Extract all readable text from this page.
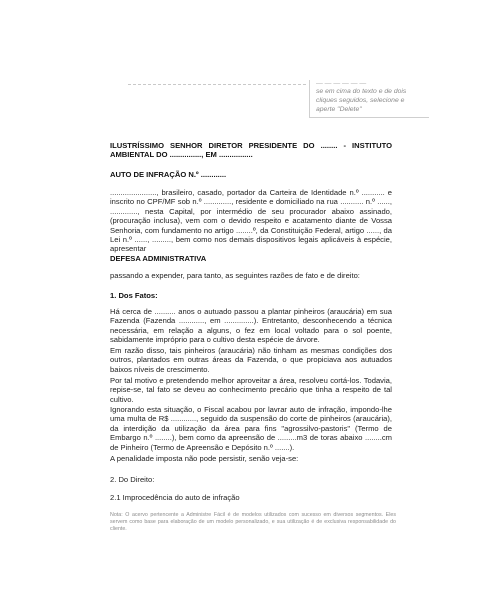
— — — — — —
se em cima do texto e de dois
cliques seguidos, selecione e
aperte "Delete"
ILUSTRÍSSIMO SENHOR DIRETOR PRESIDENTE DO ........ - INSTITUTO AMBIENTAL DO ..............., EM ................
AUTO DE INFRAÇÃO N.º ............
......................, brasileiro, casado, portador da Carteira de Identidade n.º ........... e inscrito no CPF/MF sob n.º ............., residente e domiciliado na rua ........... n.º ......, ............., nesta Capital, por intermédio de seu procurador abaixo assinado, (procuração inclusa), vem com o devido respeito e acatamento diante de Vossa Senhoria, com fundamento no artigo ........º, da Constituição Federal, artigo ......, da Lei n.º ......, ........., bem como nos demais dispositivos legais aplicáveis à espécie, apresentar
DEFESA ADMINISTRATIVA
passando a expender, para tanto, as seguintes razões de fato e de direito:
1. Dos Fatos:
Há cerca de .......... anos o autuado passou a plantar pinheiros (araucária) em sua Fazenda (Fazenda ............, em ..............). Entretanto, desconhecendo a técnica necessária, em relação a alguns, o fez em local voltado para o sol poente, sabidamente impróprio para o cultivo desta espécie de árvore.
Em razão disso, tais pinheiros (araucária) não tinham as mesmas condições dos outros, plantados em outras áreas da Fazenda, o que propiciava aos autuados baixos níveis de crescimento.
Por tal motivo e pretendendo melhor aproveitar a área, resolveu cortá-los. Todavia, repise-se, tal fato se deveu ao conhecimento precário que tinha a respeito de tal cultivo.
Ignorando esta situação, o Fiscal acabou por lavrar auto de infração, impondo-lhe uma multa de R$ ............, seguido da suspensão do corte de pinheiros (araucária), da interdição da utilização da área para fins "agrossilvo-pastoris" (Termo de Embargo n.º ........), bem como da apreensão de .........m3 de toras abaixo ........cm de Pinheiro (Termo de Apreensão e Depósito n.º .......).
A penalidade imposta não pode persistir, senão veja-se:
2. Do Direito:
2.1 Improcedência do auto de infração
Nota: O acervo pertencente a Administre Fácil é de modelos utilizados com sucesso em diversos segmentos. Eles servem como base para elaboração de um modelo personalizado, e sua utilização é de exclusiva responsabilidade do cliente.
